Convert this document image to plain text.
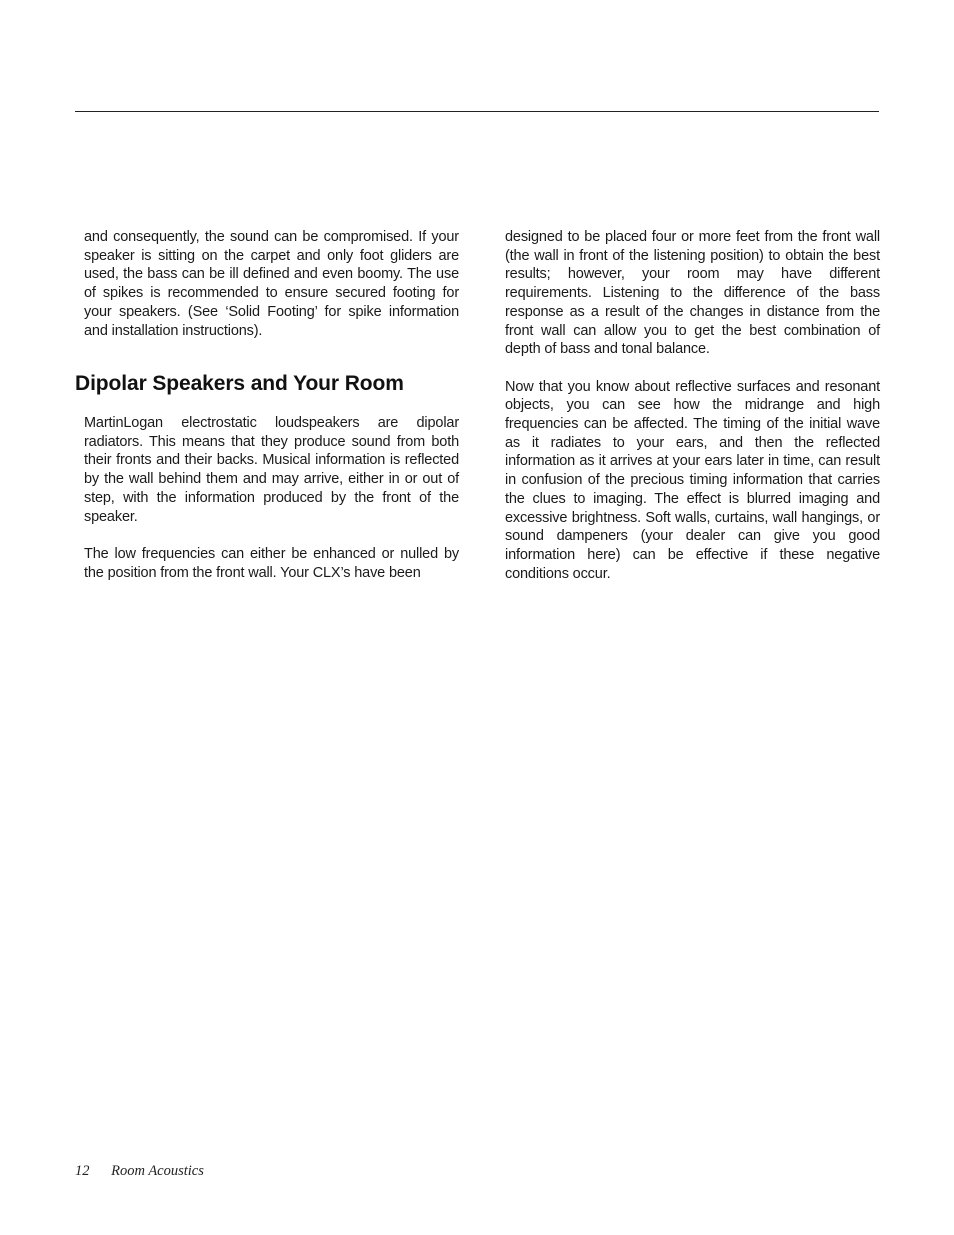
and consequently, the sound can be compromised. If your speaker is sitting on the carpet and only foot gliders are used, the bass can be ill defined and even boomy. The use of spikes is recommended to ensure secured footing for your speakers. (See ‘Solid Footing’ for spike information and installation instructions).

Dipolar Speakers and Your Room

MartinLogan electrostatic loudspeakers are dipolar radiators. This means that they produce sound from both their fronts and their backs. Musical information is reflected by the wall behind them and may arrive, either in or out of step, with the information produced by the front of the speaker.

The low frequencies can either be enhanced or nulled by the position from the front wall. Your CLX’s have been

designed to be placed four or more feet from the front wall (the wall in front of the listening position) to obtain the best results; however, your room may have different requirements. Listening to the difference of the bass response as a result of the changes in distance from the front wall can allow you to get the best combination of depth of bass and tonal balance.

Now that you know about reflective surfaces and resonant objects, you can see how the midrange and high frequencies can be affected. The timing of the initial wave as it radiates to your ears, and then the reflected information as it arrives at your ears later in time, can result in confusion of the precious timing information that carries the clues to imaging. The effect is blurred imaging and excessive brightness. Soft walls, curtains, wall hangings, or sound dampeners (your dealer can give you good information here) can be effective if these negative conditions occur.

12 Room Acoustics
